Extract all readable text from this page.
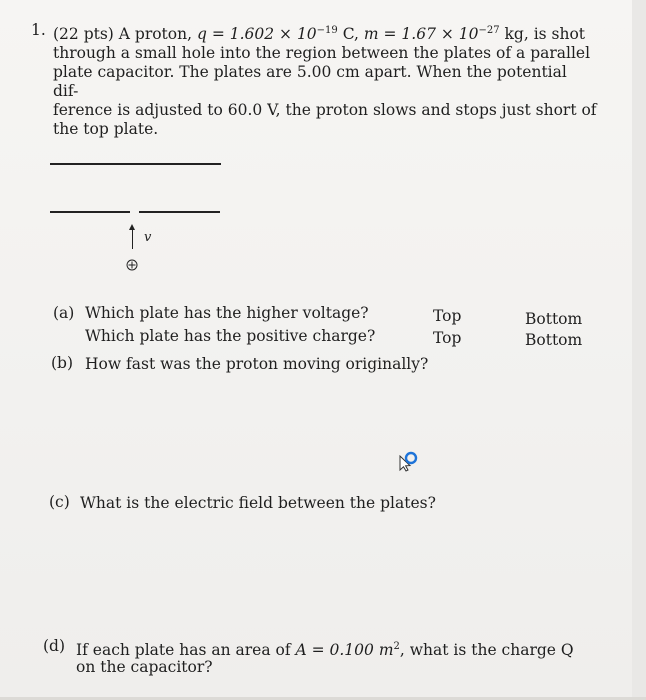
1. (22 pts) A proton, $q = 1.602 \times 10^{-19}$ C, $m = 1.67 \times 10^{-27}$ kg, is shot
through a small hole into the region between the plates of a parallel
plate capacitor. The plates are 5.00 cm apart. When the potential dif-
ference is adjusted to 60.0 V, the proton slows and stops just short of
the top plate.
v
(a) Which plate has the higher voltage?
Which plate has the positive charge?
Top	Bottom
Top	Bottom
(b) How fast was the proton moving originally?
(c) What is the electric field between the plates?
(d) If each plate has an area of A = 0.100 $m^2$, what is the charge Q
on the capacitor?
